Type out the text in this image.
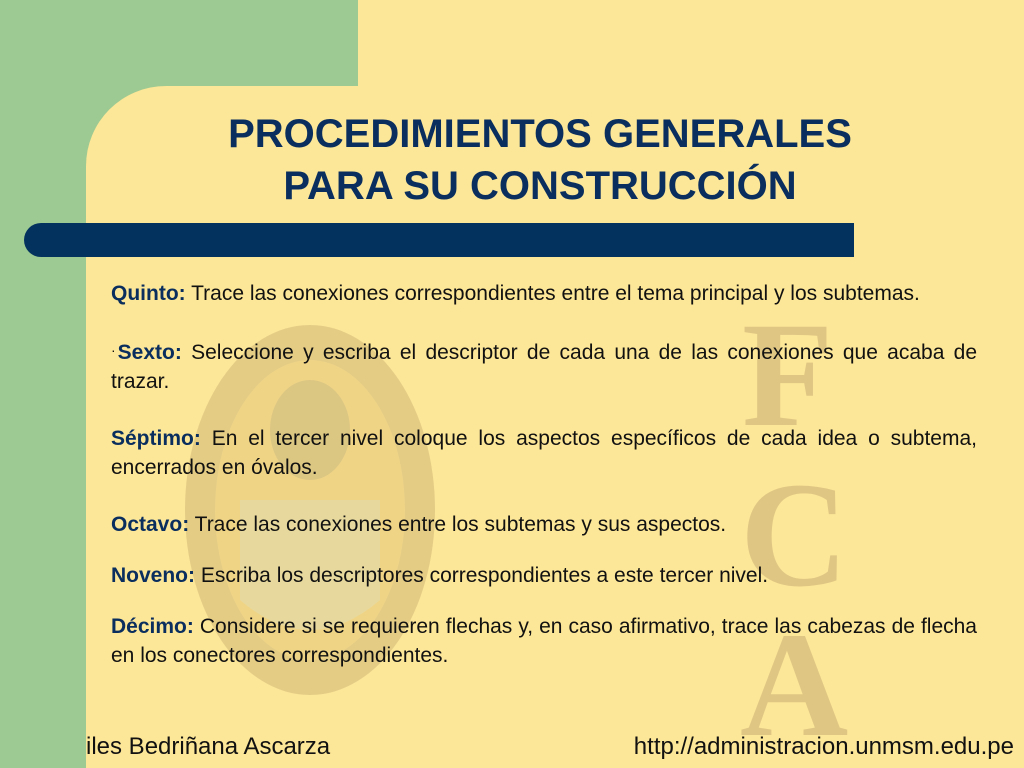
F
C
A
PROCEDIMIENTOS GENERALES
PARA SU CONSTRUCCIÓN

Quinto: Trace las conexiones correspondientes entre el tema principal y los subtemas.

·Sexto: Seleccione y escriba el descriptor de cada una de las conexiones que acaba de trazar.

Séptimo: En el tercer nivel coloque los aspectos específicos de cada idea o subtema, encerrados en óvalos.

Octavo: Trace las conexiones entre los subtemas y sus aspectos.

Noveno: Escriba los descriptores correspondientes a este tercer nivel.

Décimo: Considere si se requieren flechas y, en caso afirmativo, trace las cabezas de flecha en los conectores correspondientes.

iles Bedriñana Ascarza	http://administracion.unmsm.edu.pe
